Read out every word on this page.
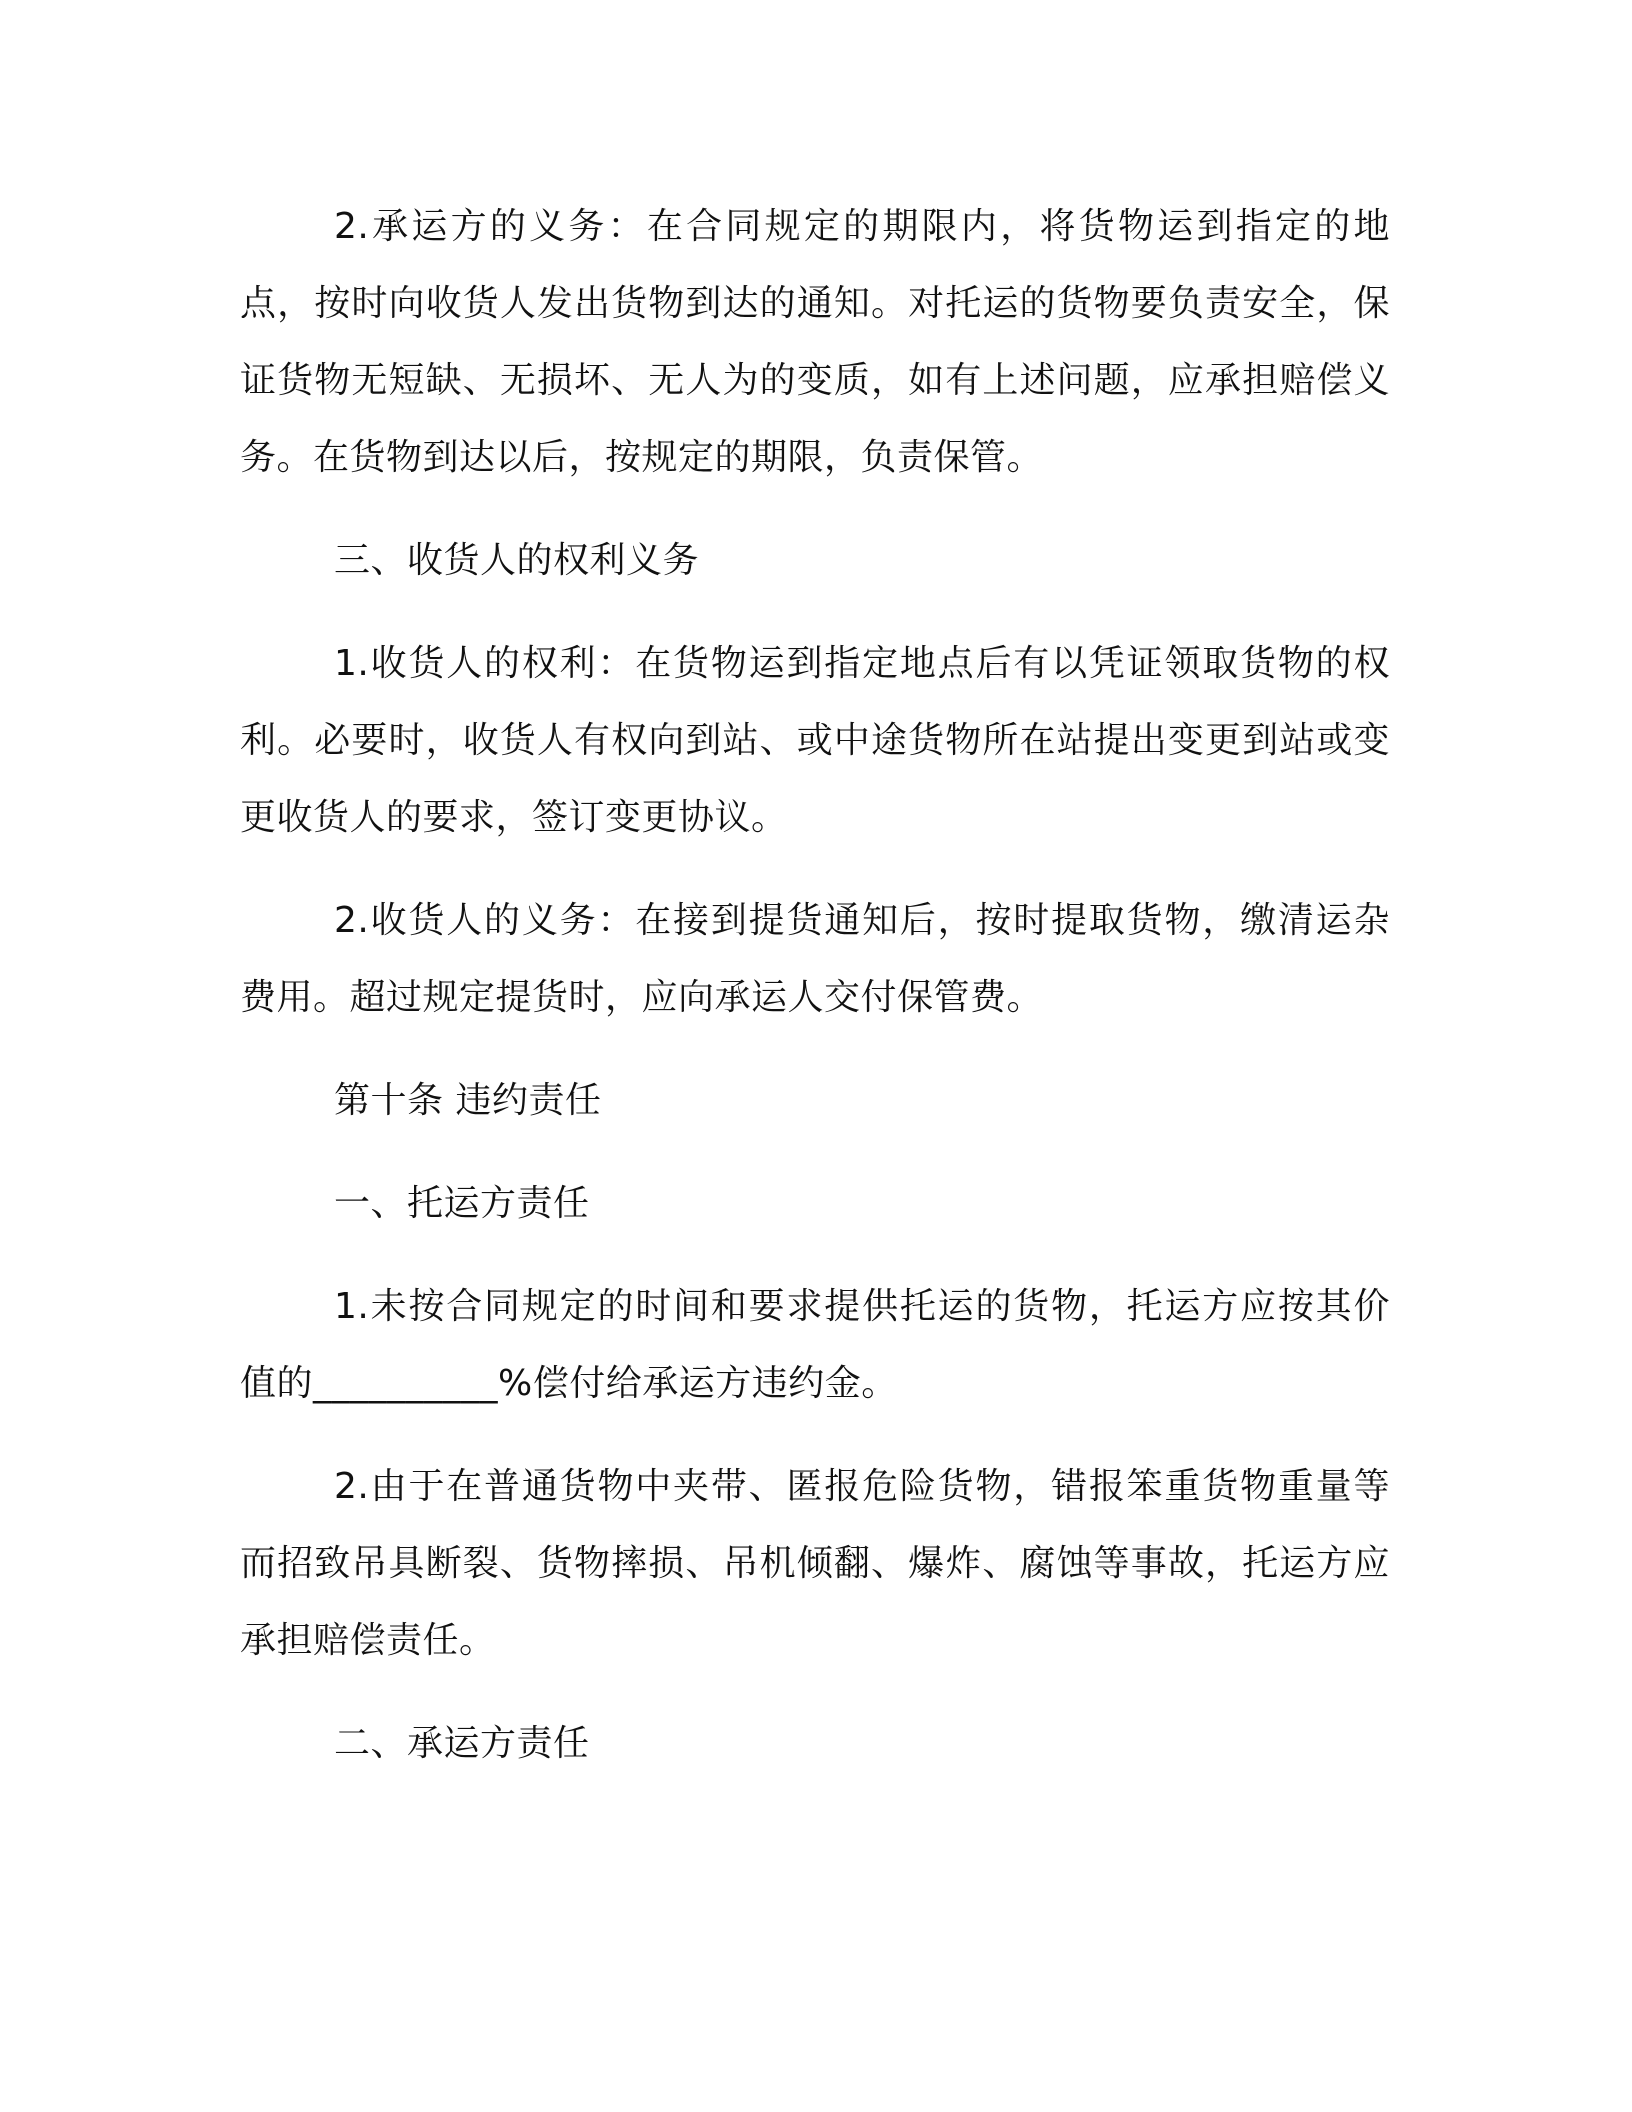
2.承运方的义务：在合同规定的期限内，将货物运到指定的地点，按时向收货人发出货物到达的通知。对托运的货物要负责安全，保证货物无短缺、无损坏、无人为的变质，如有上述问题，应承担赔偿义务。在货物到达以后，按规定的期限，负责保管。

三、收货人的权利义务

1.收货人的权利：在货物运到指定地点后有以凭证领取货物的权利。必要时，收货人有权向到站、或中途货物所在站提出变更到站或变更收货人的要求，签订变更协议。

2.收货人的义务：在接到提货通知后，按时提取货物，缴清运杂费用。超过规定提货时，应向承运人交付保管费。

第十条 违约责任

一、托运方责任

1.未按合同规定的时间和要求提供托运的货物，托运方应按其价值的__________%偿付给承运方违约金。

2.由于在普通货物中夹带、匿报危险货物，错报笨重货物重量等而招致吊具断裂、货物摔损、吊机倾翻、爆炸、腐蚀等事故，托运方应承担赔偿责任。

二、承运方责任
